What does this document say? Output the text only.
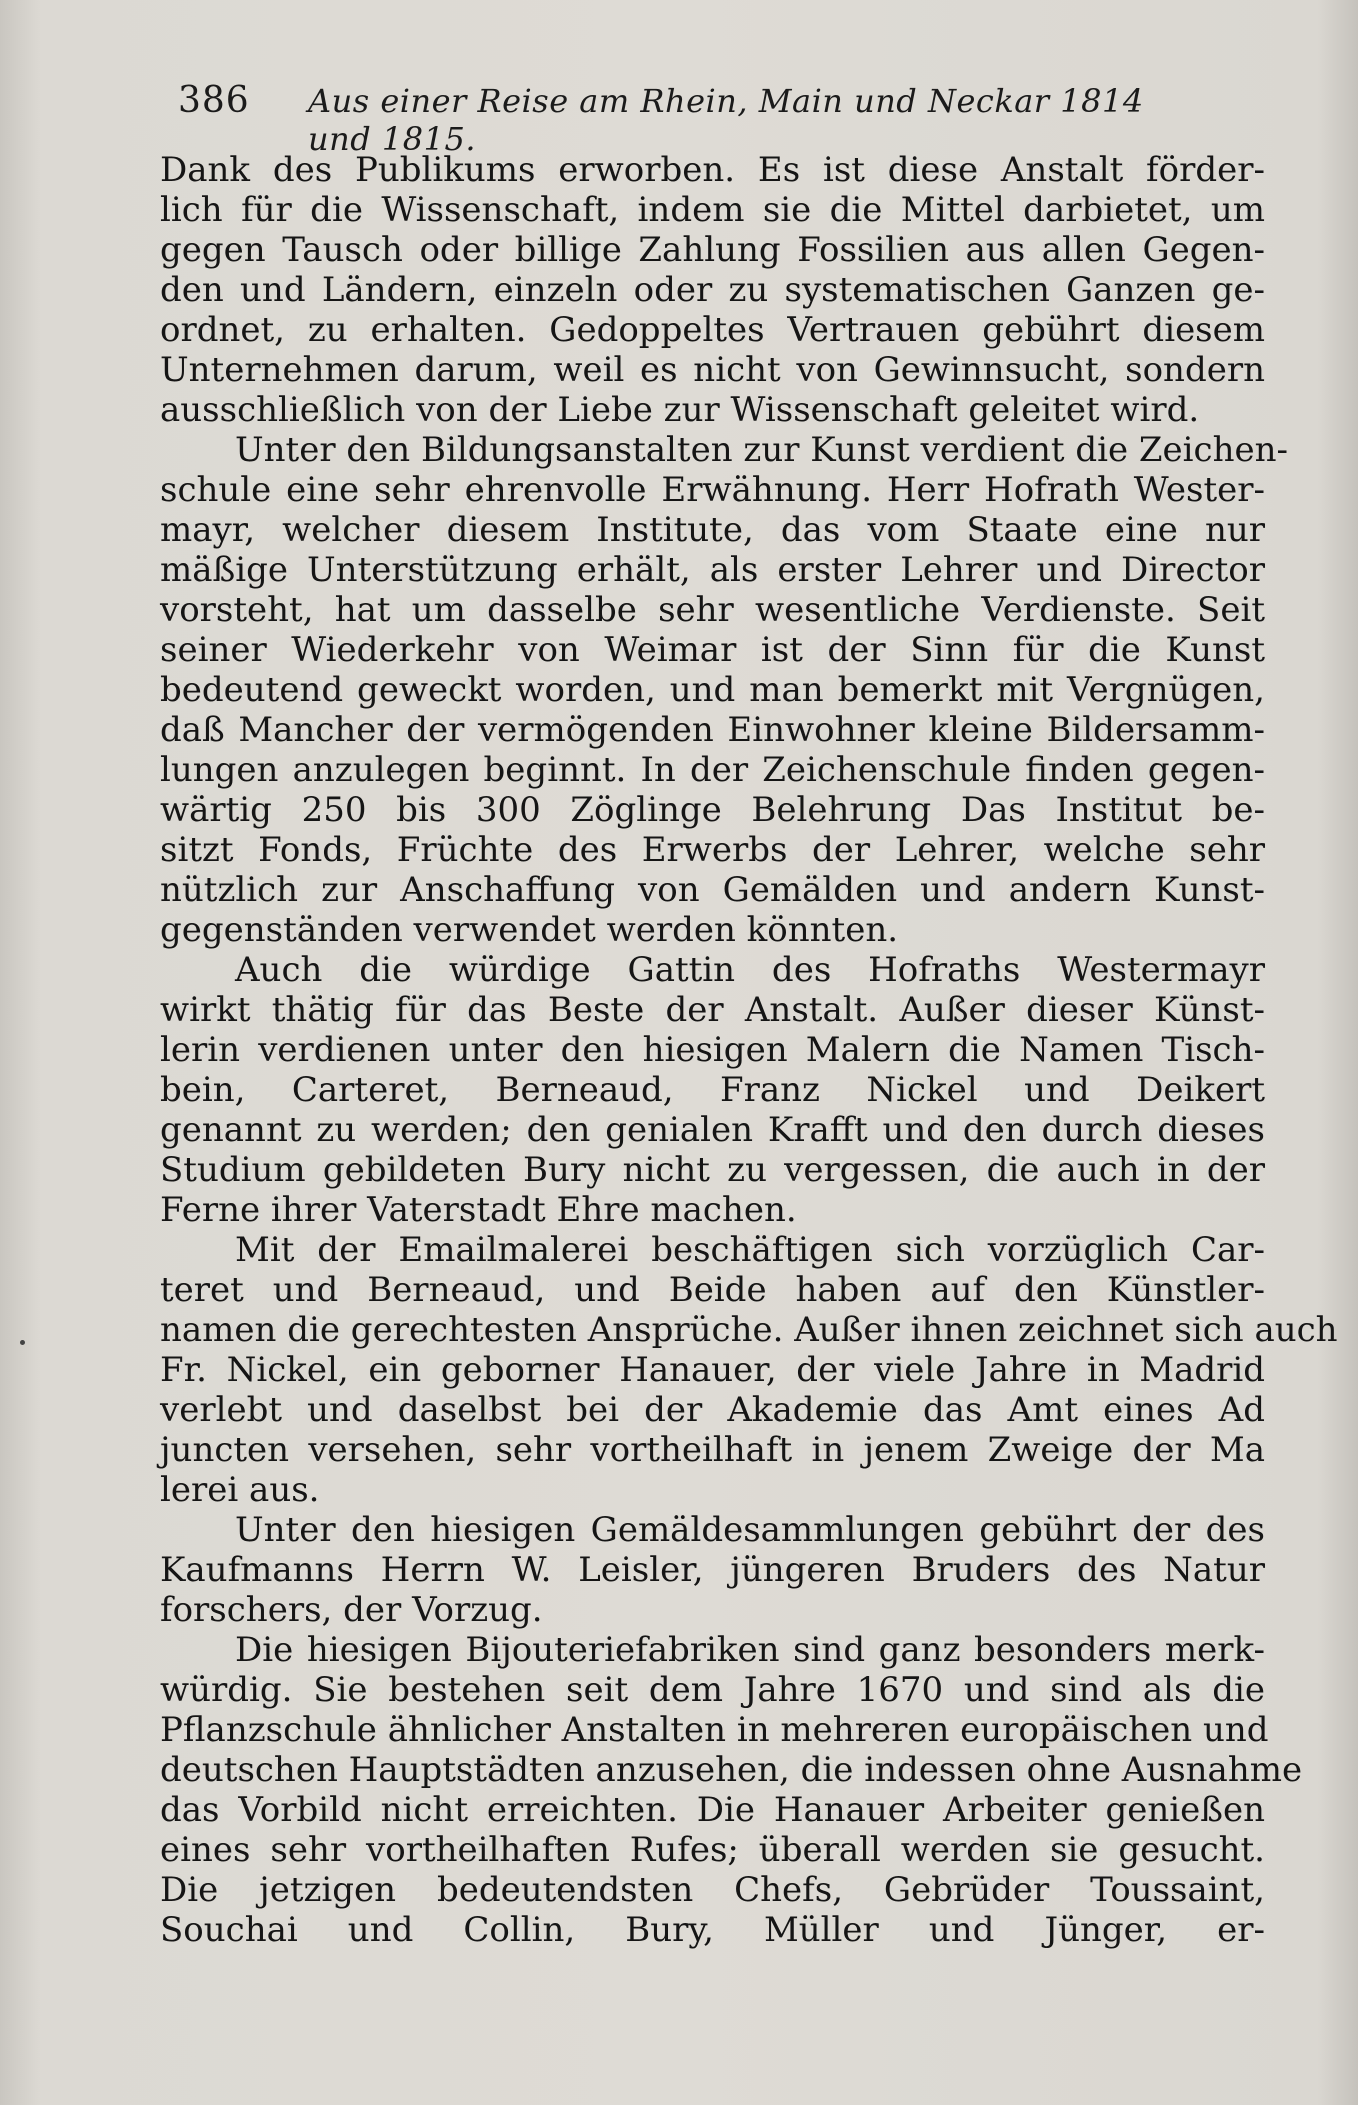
386 Aus einer Reise am Rhein, Main und Neckar 1814 und 1815.
Dank des Publikums erworben. Es ist diese Anstalt förder-
lich für die Wissenschaft, indem sie die Mittel darbietet, um
gegen Tausch oder billige Zahlung Fossilien aus allen Gegen-
den und Ländern, einzeln oder zu systematischen Ganzen ge-
ordnet, zu erhalten. Gedoppeltes Vertrauen gebührt diesem
Unternehmen darum, weil es nicht von Gewinnsucht, sondern
ausschließlich von der Liebe zur Wissenschaft geleitet wird.
Unter den Bildungsanstalten zur Kunst verdient die Zeichen-
schule eine sehr ehrenvolle Erwähnung. Herr Hofrath Wester-
mayr, welcher diesem Institute, das vom Staate eine nur
mäßige Unterstützung erhält, als erster Lehrer und Director
vorsteht, hat um dasselbe sehr wesentliche Verdienste. Seit
seiner Wiederkehr von Weimar ist der Sinn für die Kunst
bedeutend geweckt worden, und man bemerkt mit Vergnügen,
daß Mancher der vermögenden Einwohner kleine Bildersamm-
lungen anzulegen beginnt. In der Zeichenschule finden gegen-
wärtig 250 bis 300 Zöglinge Belehrung Das Institut be-
sitzt Fonds, Früchte des Erwerbs der Lehrer, welche sehr
nützlich zur Anschaffung von Gemälden und andern Kunst-
gegenständen verwendet werden könnten.
Auch die würdige Gattin des Hofraths Westermayr
wirkt thätig für das Beste der Anstalt. Außer dieser Künst-
lerin verdienen unter den hiesigen Malern die Namen Tisch-
bein, Carteret, Berneaud, Franz Nickel und Deikert
genannt zu werden; den genialen Krafft und den durch dieses
Studium gebildeten Bury nicht zu vergessen, die auch in der
Ferne ihrer Vaterstadt Ehre machen.
Mit der Emailmalerei beschäftigen sich vorzüglich Car-
teret und Berneaud, und Beide haben auf den Künstler-
namen die gerechtesten Ansprüche. Außer ihnen zeichnet sich auch
Fr. Nickel, ein geborner Hanauer, der viele Jahre in Madrid
verlebt und daselbst bei der Akademie das Amt eines Ad
juncten versehen, sehr vortheilhaft in jenem Zweige der Ma
lerei aus.
Unter den hiesigen Gemäldesammlungen gebührt der des
Kaufmanns Herrn W. Leisler, jüngeren Bruders des Natur
forschers, der Vorzug.
Die hiesigen Bijouteriefabriken sind ganz besonders merk-
würdig. Sie bestehen seit dem Jahre 1670 und sind als die
Pflanzschule ähnlicher Anstalten in mehreren europäischen und
deutschen Hauptstädten anzusehen, die indessen ohne Ausnahme
das Vorbild nicht erreichten. Die Hanauer Arbeiter genießen
eines sehr vortheilhaften Rufes; überall werden sie gesucht.
Die jetzigen bedeutendsten Chefs, Gebrüder Toussaint,
Souchai und Collin, Bury, Müller und Jünger, er-
